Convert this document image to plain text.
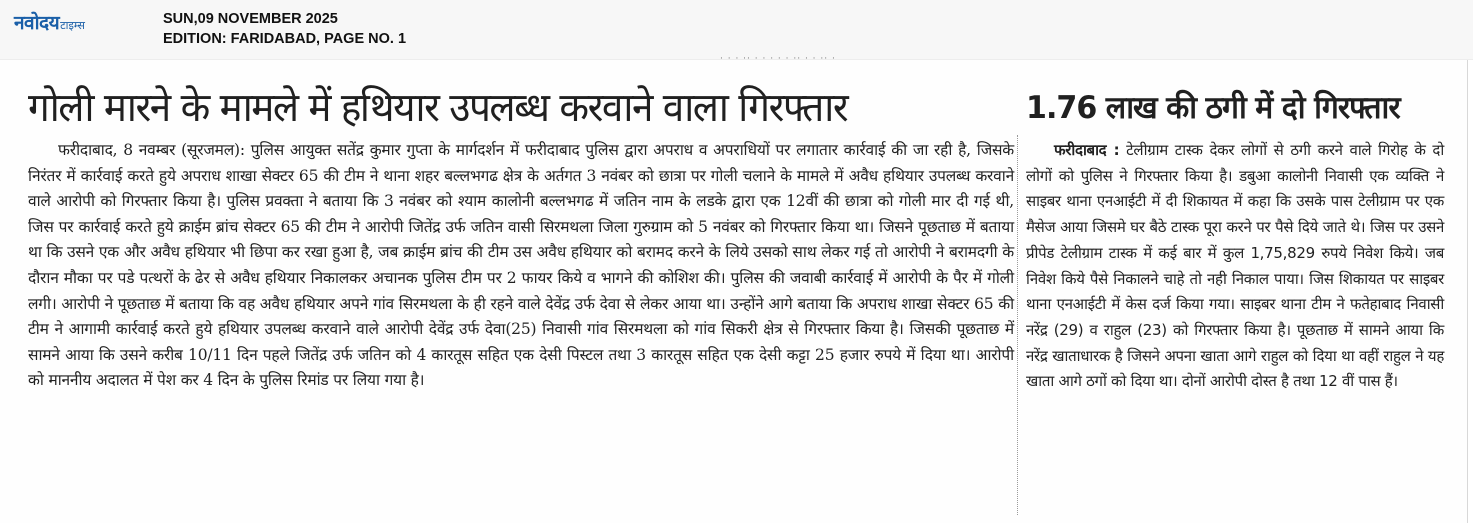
नवोदय टाइम्स	SUN,09 NOVEMBER 2025
EDITION: FARIDABAD, PAGE NO. 1
· · · ·· · · · · · ·· · · ·· ·
गोली मारने के मामले में हथियार उपलब्ध करवाने वाला गिरफ्तार

फरीदाबाद, 8 नवम्बर (सूरजमल): पुलिस आयुक्त सतेंद्र कुमार गुप्ता के मार्गदर्शन में फरीदाबाद पुलिस द्वारा अपराध व अपराधियों पर लगातार कार्रवाई की जा रही है, जिसके निरंतर में कार्रवाई करते हुये अपराध शाखा सेक्टर 65 की टीम ने थाना शहर बल्लभगढ क्षेत्र के अर्तगत 3 नवंबर को छात्रा पर गोली चलाने के मामले में अवैध हथियार उपलब्ध करवाने वाले आरोपी को गिरफ्तार किया है। पुलिस प्रवक्ता ने बताया कि 3 नवंबर को श्याम कालोनी बल्लभगढ में जतिन नाम के लडके द्वारा एक 12वीं की छात्रा को गोली मार दी गई थी, जिस पर कार्रवाई करते हुये क्राईम ब्रांच सेक्टर 65 की टीम ने आरोपी जितेंद्र उर्फ जतिन वासी सिरमथला जिला गुरुग्राम को 5 नवंबर को गिरफ्तार किया था। जिसने पूछताछ में बताया था कि उसने एक और अवैध हथियार भी छिपा कर रखा हुआ है, जब क्राईम ब्रांच की टीम उस अवैध हथियार को बरामद करने के लिये उसको साथ लेकर गई तो आरोपी ने बरामदगी के दौरान मौका पर पडे पत्थरों के ढेर से अवैध हथियार निकालकर अचानक पुलिस टीम पर 2 फायर किये व भागने की कोशिश की। पुलिस की जवाबी कार्रवाई में आरोपी के पैर में गोली लगी। आरोपी ने पूछताछ में बताया कि वह अवैध हथियार अपने गांव सिरमथला के ही रहने वाले देवेंद्र उर्फ देवा से लेकर आया था। उन्होंने आगे बताया कि अपराध शाखा सेक्टर 65 की टीम ने आगामी कार्रवाई करते हुये हथियार उपलब्ध करवाने वाले आरोपी देवेंद्र उर्फ देवा(25) निवासी गांव सिरमथला को गांव सिकरी क्षेत्र से गिरफ्तार किया है। जिसकी पूछताछ में सामने आया कि उसने करीब 10/11 दिन पहले जितेंद्र उर्फ जतिन को 4 कारतूस सहित एक देसी पिस्टल तथा 3 कारतूस सहित एक देसी कट्टा 25 हजार रुपये में दिया था। आरोपी को माननीय अदालत में पेश कर 4 दिन के पुलिस रिमांड पर लिया गया है।

1.76 लाख की ठगी में दो गिरफ्तार

फरीदाबाद : टेलीग्राम टास्क देकर लोगों से ठगी करने वाले गिरोह के दो लोगों को पुलिस ने गिरफ्तार किया है। डबुआ कालोनी निवासी एक व्यक्ति ने साइबर थाना एनआईटी में दी शिकायत में कहा कि उसके पास टेलीग्राम पर एक मैसेज आया जिसमे घर बैठे टास्क पूरा करने पर पैसे दिये जाते थे। जिस पर उसने प्रीपेड टेलीग्राम टास्क में कई बार में कुल 1,75,829 रुपये निवेश किये। जब निवेश किये पैसे निकालने चाहे तो नही निकाल पाया। जिस शिकायत पर साइबर थाना एनआईटी में केस दर्ज किया गया। साइबर थाना टीम ने फतेहाबाद निवासी नरेंद्र (29) व राहुल (23) को गिरफ्तार किया है। पूछताछ में सामने आया कि नरेंद्र खाताधारक है जिसने अपना खाता आगे राहुल को दिया था वहीं राहुल ने यह खाता आगे ठगों को दिया था। दोनों आरोपी दोस्त है तथा 12 वीं पास हैं।
